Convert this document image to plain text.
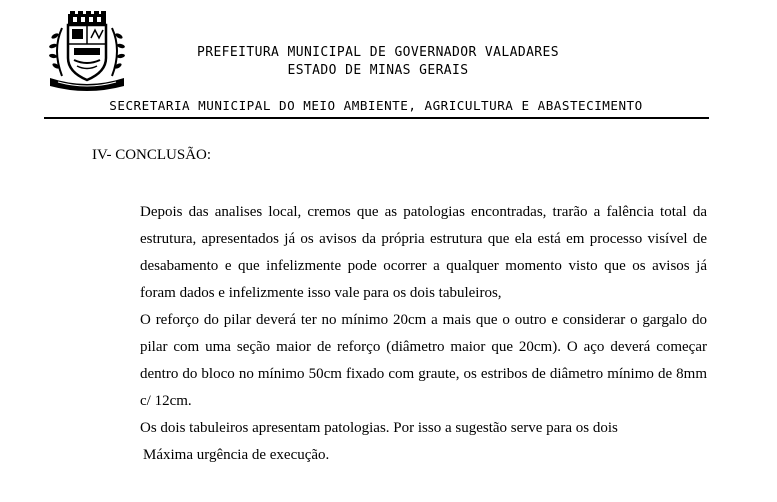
PREFEITURA MUNICIPAL DE GOVERNADOR VALADARES
ESTADO DE MINAS GERAIS
SECRETARIA MUNICIPAL DO MEIO AMBIENTE, AGRICULTURA E ABASTECIMENTO
IV- CONCLUSÃO:

Depois das analises local, cremos que as patologias encontradas, trarão a falência total da estrutura, apresentados já os avisos da própria estrutura que ela está em processo visível de desabamento e que infelizmente pode ocorrer a qualquer momento visto que os avisos já foram dados e infelizmente isso vale para os dois tabuleiros,

O reforço do pilar deverá ter no mínimo 20cm a mais que o outro e considerar o gargalo do pilar com uma seção maior de reforço (diâmetro maior que 20cm). O aço deverá começar dentro do bloco no mínimo 50cm fixado com graute, os estribos de diâmetro mínimo de 8mm c/ 12cm.

Os dois tabuleiros apresentam patologias. Por isso a sugestão serve para os dois

Máxima urgência de execução.
